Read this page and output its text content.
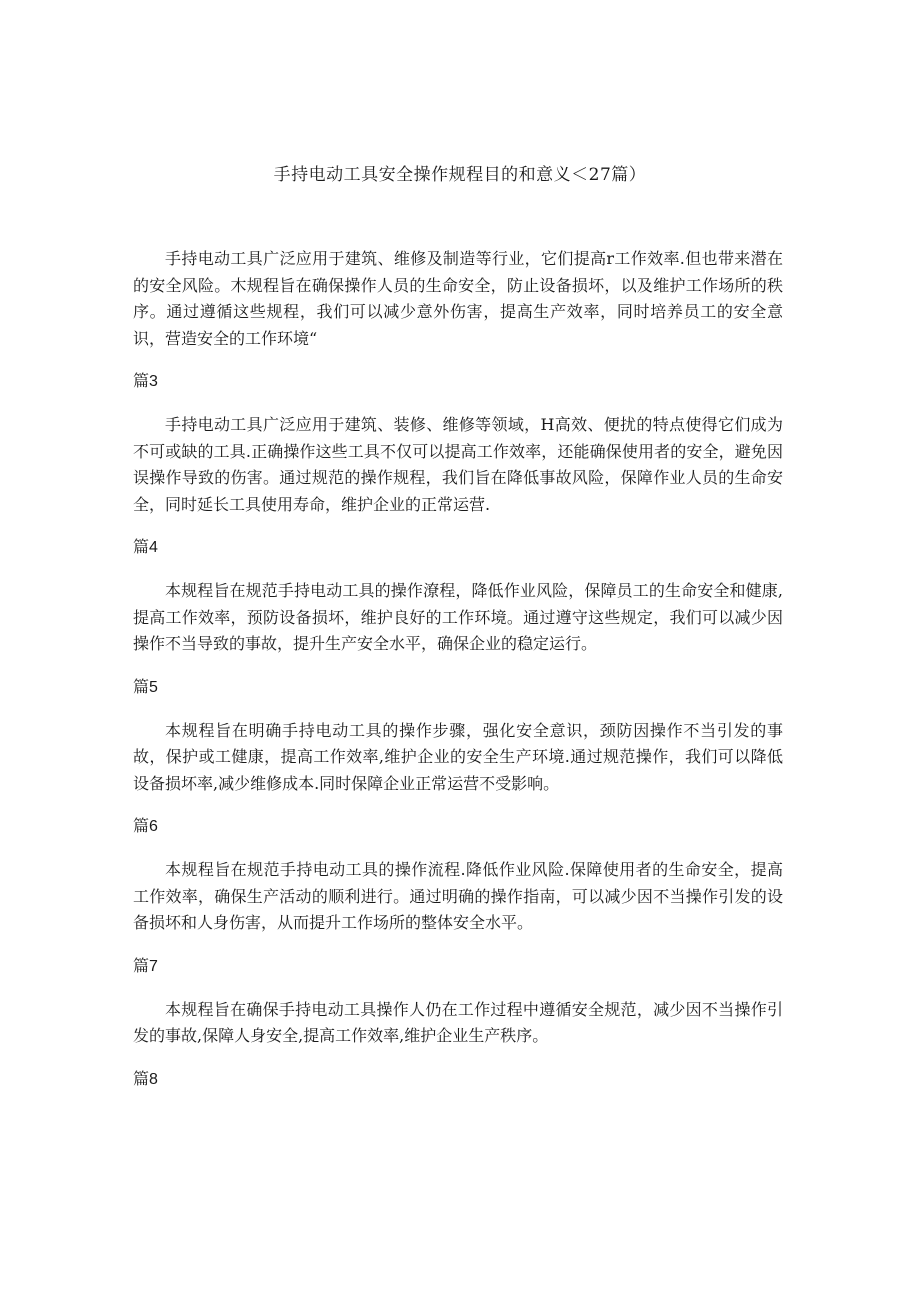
手持电动工具安全操作规程目的和意义＜27篇）

手持电动工具广泛应用于建筑、维修及制造等行业，它们提高r工作效率.但也带来潜在的安全风险。木规程旨在确保操作人员的生命安全，防止设备损坏，以及维护工作场所的秩序。通过遵循这些规程，我们可以减少意外伤害，提高生产效率，同时培养员工的安全意识，营造安全的工作环境“

篇3

手持电动工具广泛应用于建筑、装修、维修等领域，H高效、便扰的特点使得它们成为不可或缺的工具.正确操作这些工具不仅可以提高工作效率，还能确保使用者的安全，避免因误操作导致的伤害。通过规范的操作规程，我们旨在降低事故风险，保障作业人员的生命安全，同时延长工具使用寿命，维护企业的正常运营.

篇4

本规程旨在规范手持电动工具的操作潦程，降低作业风险，保障员工的生命安全和健康,提高工作效率，预防设备损坏，维护良好的工作环境。通过遵守这些规定，我们可以减少因操作不当导致的事故，提升生产安全水平，确保企业的稳定运行。

篇5

本规程旨在明确手持电动工具的操作步骤，强化安全意识，颈防因操作不当引发的事故，保护或工健康，提高工作效率,维护企业的安全生产环境.通过规范操作，我们可以降低设备损坏率,减少维修成本.同时保障企业正常运营不受影响。

篇6

本规程旨在规范手持电动工具的操作流程.降低作业风险.保障使用者的生命安全，提高工作效率，确保生产活动的顺利进行。通过明确的操作指南，可以减少因不当操作引发的设备损坏和人身伤害，从而提升工作场所的整体安全水平。

篇7

本规程旨在确保手持电动工具操作人仍在工作过程中遵循安全规范，减少因不当操作引发的事故,保障人身安全,提高工作效率,维护企业生产秩序。

篇8
